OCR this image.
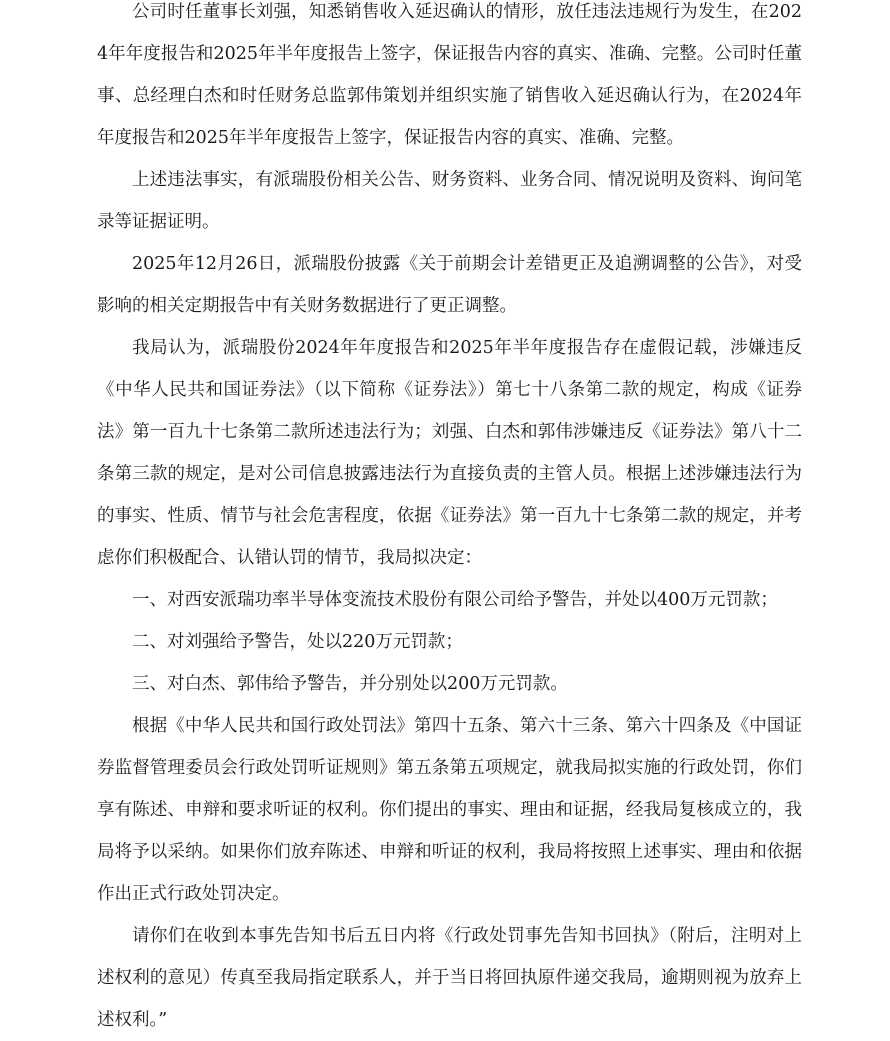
公司时任董事长刘强，知悉销售收入延迟确认的情形，放任违法违规行为发生，在2024年年度报告和2025年半年度报告上签字，保证报告内容的真实、准确、完整。公司时任董事、总经理白杰和时任财务总监郭伟策划并组织实施了销售收入延迟确认行为，在2024年年度报告和2025年半年度报告上签字，保证报告内容的真实、准确、完整。

上述违法事实，有派瑞股份相关公告、财务资料、业务合同、情况说明及资料、询问笔录等证据证明。

2025年12月26日，派瑞股份披露《关于前期会计差错更正及追溯调整的公告》，对受影响的相关定期报告中有关财务数据进行了更正调整。

我局认为，派瑞股份2024年年度报告和2025年半年度报告存在虚假记载，涉嫌违反《中华人民共和国证券法》（以下简称《证券法》）第七十八条第二款的规定，构成《证券法》第一百九十七条第二款所述违法行为；刘强、白杰和郭伟涉嫌违反《证券法》第八十二条第三款的规定，是对公司信息披露违法行为直接负责的主管人员。根据上述涉嫌违法行为的事实、性质、情节与社会危害程度，依据《证券法》第一百九十七条第二款的规定，并考虑你们积极配合、认错认罚的情节，我局拟决定：

一、对西安派瑞功率半导体变流技术股份有限公司给予警告，并处以400万元罚款；

二、对刘强给予警告，处以220万元罚款；

三、对白杰、郭伟给予警告，并分别处以200万元罚款。

根据《中华人民共和国行政处罚法》第四十五条、第六十三条、第六十四条及《中国证券监督管理委员会行政处罚听证规则》第五条第五项规定，就我局拟实施的行政处罚，你们享有陈述、申辩和要求听证的权利。你们提出的事实、理由和证据，经我局复核成立的，我局将予以采纳。如果你们放弃陈述、申辩和听证的权利，我局将按照上述事实、理由和依据作出正式行政处罚决定。

请你们在收到本事先告知书后五日内将《行政处罚事先告知书回执》（附后，注明对上述权利的意见）传真至我局指定联系人，并于当日将回执原件递交我局，逾期则视为放弃上述权利。”
